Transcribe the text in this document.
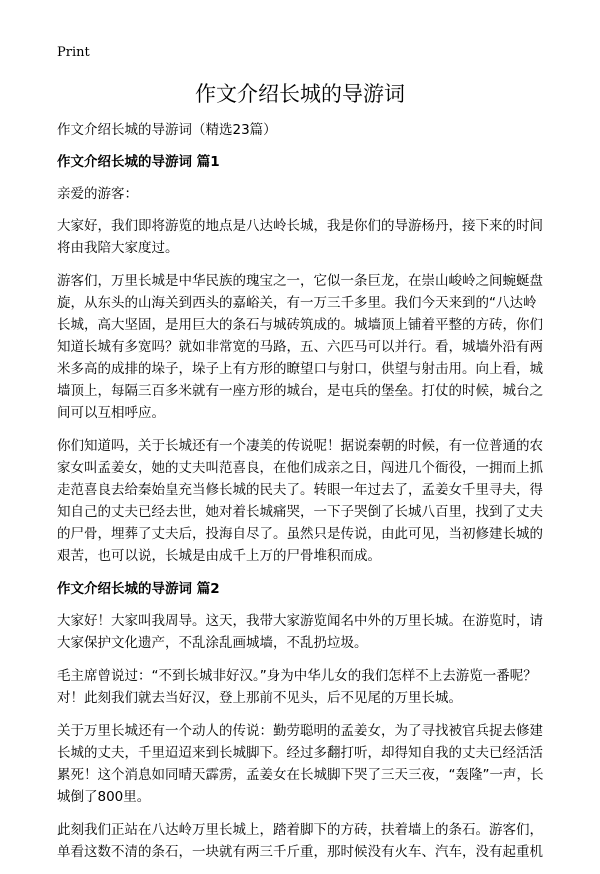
Print
作文介绍长城的导游词

作文介绍长城的导游词（精选23篇）

作文介绍长城的导游词 篇1

亲爱的游客：

大家好，我们即将游览的地点是八达岭长城，我是你们的导游杨丹，接下来的时间将由我陪大家度过。

游客们，万里长城是中华民族的瑰宝之一，它似一条巨龙，在崇山峻岭之间蜿蜒盘旋，从东头的山海关到西头的嘉峪关，有一万三千多里。我们今天来到的“八达岭长城，高大坚固，是用巨大的条石与城砖筑成的。城墙顶上铺着平整的方砖，你们知道长城有多宽吗？就如非常宽的马路，五、六匹马可以并行。看，城墙外沿有两米多高的成排的垛子，垛子上有方形的瞭望口与射口，供望与射击用。向上看，城墙顶上，每隔三百多米就有一座方形的城台，是屯兵的堡垒。打仗的时候，城台之间可以互相呼应。

你们知道吗，关于长城还有一个凄美的传说呢！据说秦朝的时候，有一位普通的农家女叫孟姜女，她的丈夫叫范喜良，在他们成亲之日，闯进几个衙役，一拥而上抓走范喜良去给秦始皇充当修长城的民夫了。转眼一年过去了，孟姜女千里寻夫，得知自己的丈夫已经去世，她对着长城痛哭，一下子哭倒了长城八百里，找到了丈夫的尸骨，埋葬了丈夫后，投海自尽了。虽然只是传说，由此可见，当初修建长城的艰苦，也可以说，长城是由成千上万的尸骨堆积而成。

作文介绍长城的导游词 篇2

大家好！大家叫我周导。这天，我带大家游览闻名中外的万里长城。在游览时，请大家保护文化遗产，不乱涂乱画城墙，不乱扔垃圾。

毛主席曾说过：“不到长城非好汉。”身为中华儿女的我们怎样不上去游览一番呢？对！此刻我们就去当好汉，登上那前不见头，后不见尾的万里长城。

关于万里长城还有一个动人的传说：勤劳聪明的孟姜女，为了寻找被官兵捉去修建长城的丈夫，千里迢迢来到长城脚下。经过多翻打听，却得知自我的丈夫已经活活累死！这个消息如同晴天霹雳，孟姜女在长城脚下哭了三天三夜，“轰隆”一声，长城倒了800里。

此刻我们正站在八达岭万里长城上，踏着脚下的方砖，扶着墙上的条石。游客们，单看这数不清的条石，一块就有两三千斤重，那时候没有火车、汽车，没有起重机
